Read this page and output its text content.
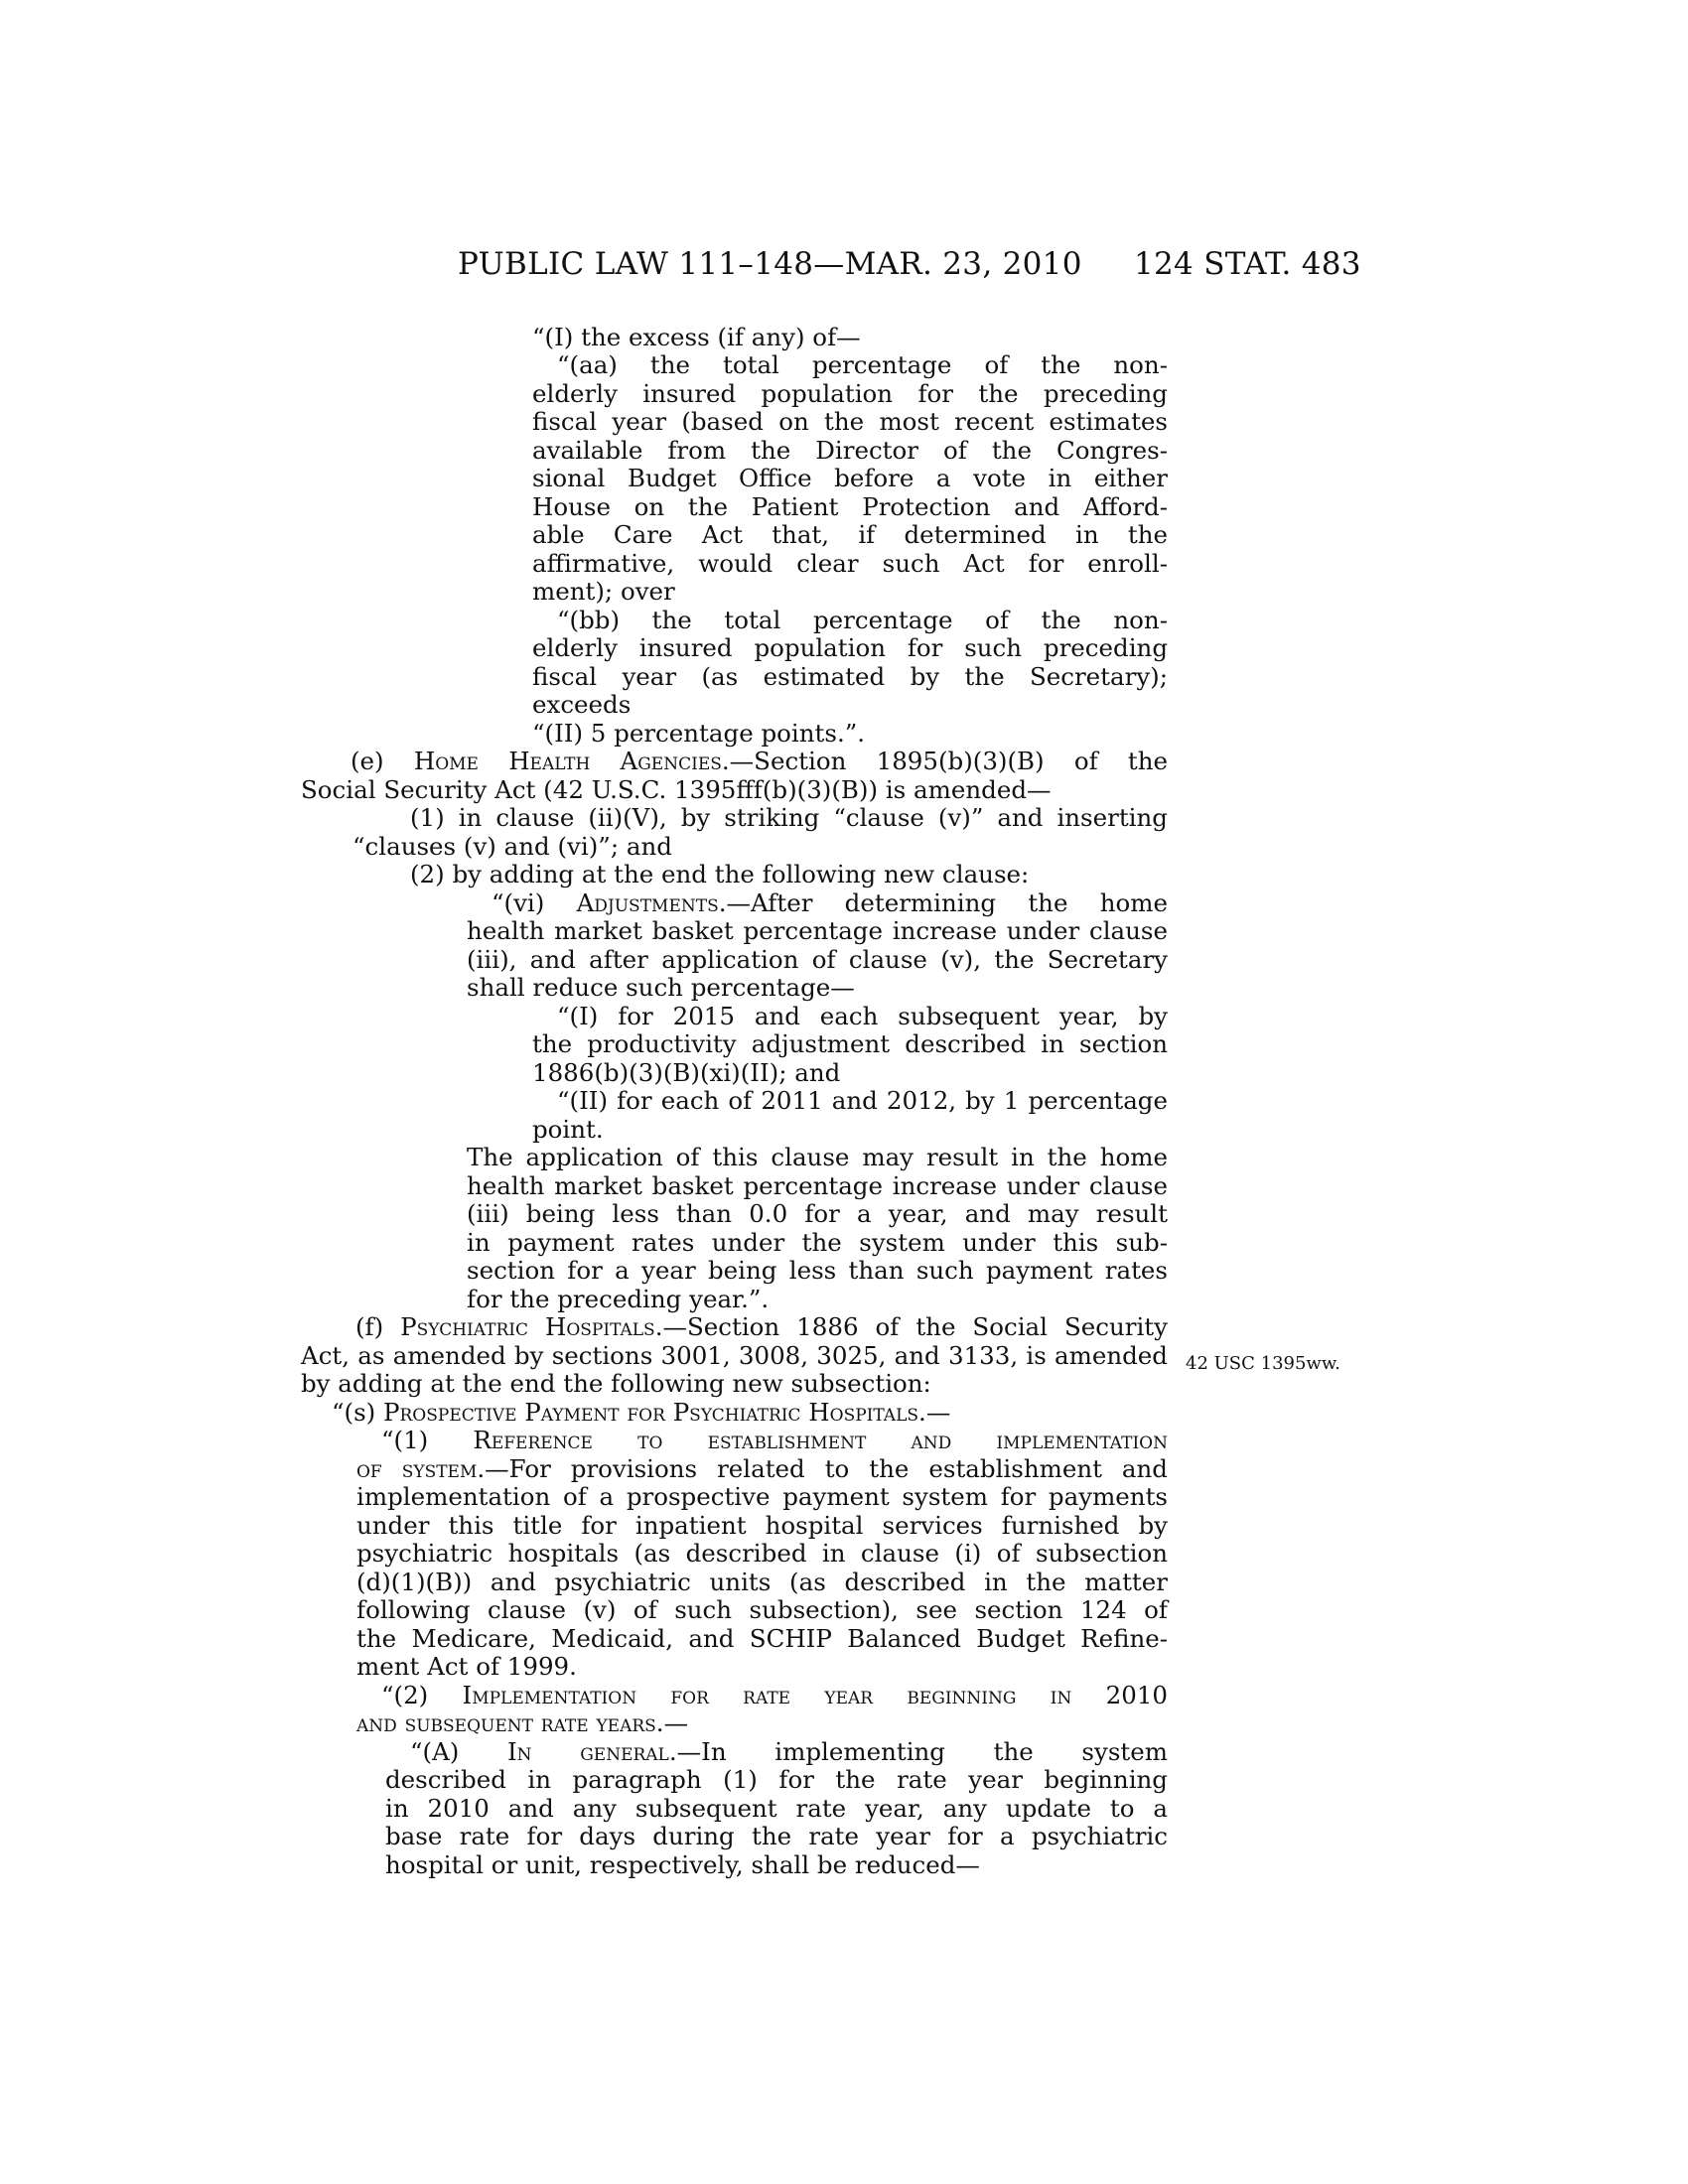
PUBLIC LAW 111–148—MAR. 23, 2010 124 STAT. 483
“(I) the excess (if any) of—
“(aa) the total percentage of the non-
elderly insured population for the preceding
fiscal year (based on the most recent estimates
available from the Director of the Congres-
sional Budget Office before a vote in either
House on the Patient Protection and Afford-
able Care Act that, if determined in the
affirmative, would clear such Act for enroll-
ment); over
“(bb) the total percentage of the non-
elderly insured population for such preceding
fiscal year (as estimated by the Secretary);
exceeds
“(II) 5 percentage points.”.
(e) Home Health Agencies.—Section 1895(b)(3)(B) of the
Social Security Act (42 U.S.C. 1395fff(b)(3)(B)) is amended—
(1) in clause (ii)(V), by striking “clause (v)” and inserting
“clauses (v) and (vi)”; and
(2) by adding at the end the following new clause:
“(vi) Adjustments.—After determining the home
health market basket percentage increase under clause
(iii), and after application of clause (v), the Secretary
shall reduce such percentage—
“(I) for 2015 and each subsequent year, by
the productivity adjustment described in section
1886(b)(3)(B)(xi)(II); and
“(II) for each of 2011 and 2012, by 1 percentage
point.
The application of this clause may result in the home
health market basket percentage increase under clause
(iii) being less than 0.0 for a year, and may result
in payment rates under the system under this sub-
section for a year being less than such payment rates
for the preceding year.”.
(f) Psychiatric Hospitals.—Section 1886 of the Social Security
Act, as amended by sections 3001, 3008, 3025, and 3133, is amended
by adding at the end the following new subsection:
“(s) Prospective Payment for Psychiatric Hospitals.—
“(1) Reference to establishment and implementation
of system.—For provisions related to the establishment and
implementation of a prospective payment system for payments
under this title for inpatient hospital services furnished by
psychiatric hospitals (as described in clause (i) of subsection
(d)(1)(B)) and psychiatric units (as described in the matter
following clause (v) of such subsection), see section 124 of
the Medicare, Medicaid, and SCHIP Balanced Budget Refine-
ment Act of 1999.
“(2) Implementation for rate year beginning in 2010
and subsequent rate years.—
“(A) In general.—In implementing the system
described in paragraph (1) for the rate year beginning
in 2010 and any subsequent rate year, any update to a
base rate for days during the rate year for a psychiatric
hospital or unit, respectively, shall be reduced—
42 USC 1395ww.
